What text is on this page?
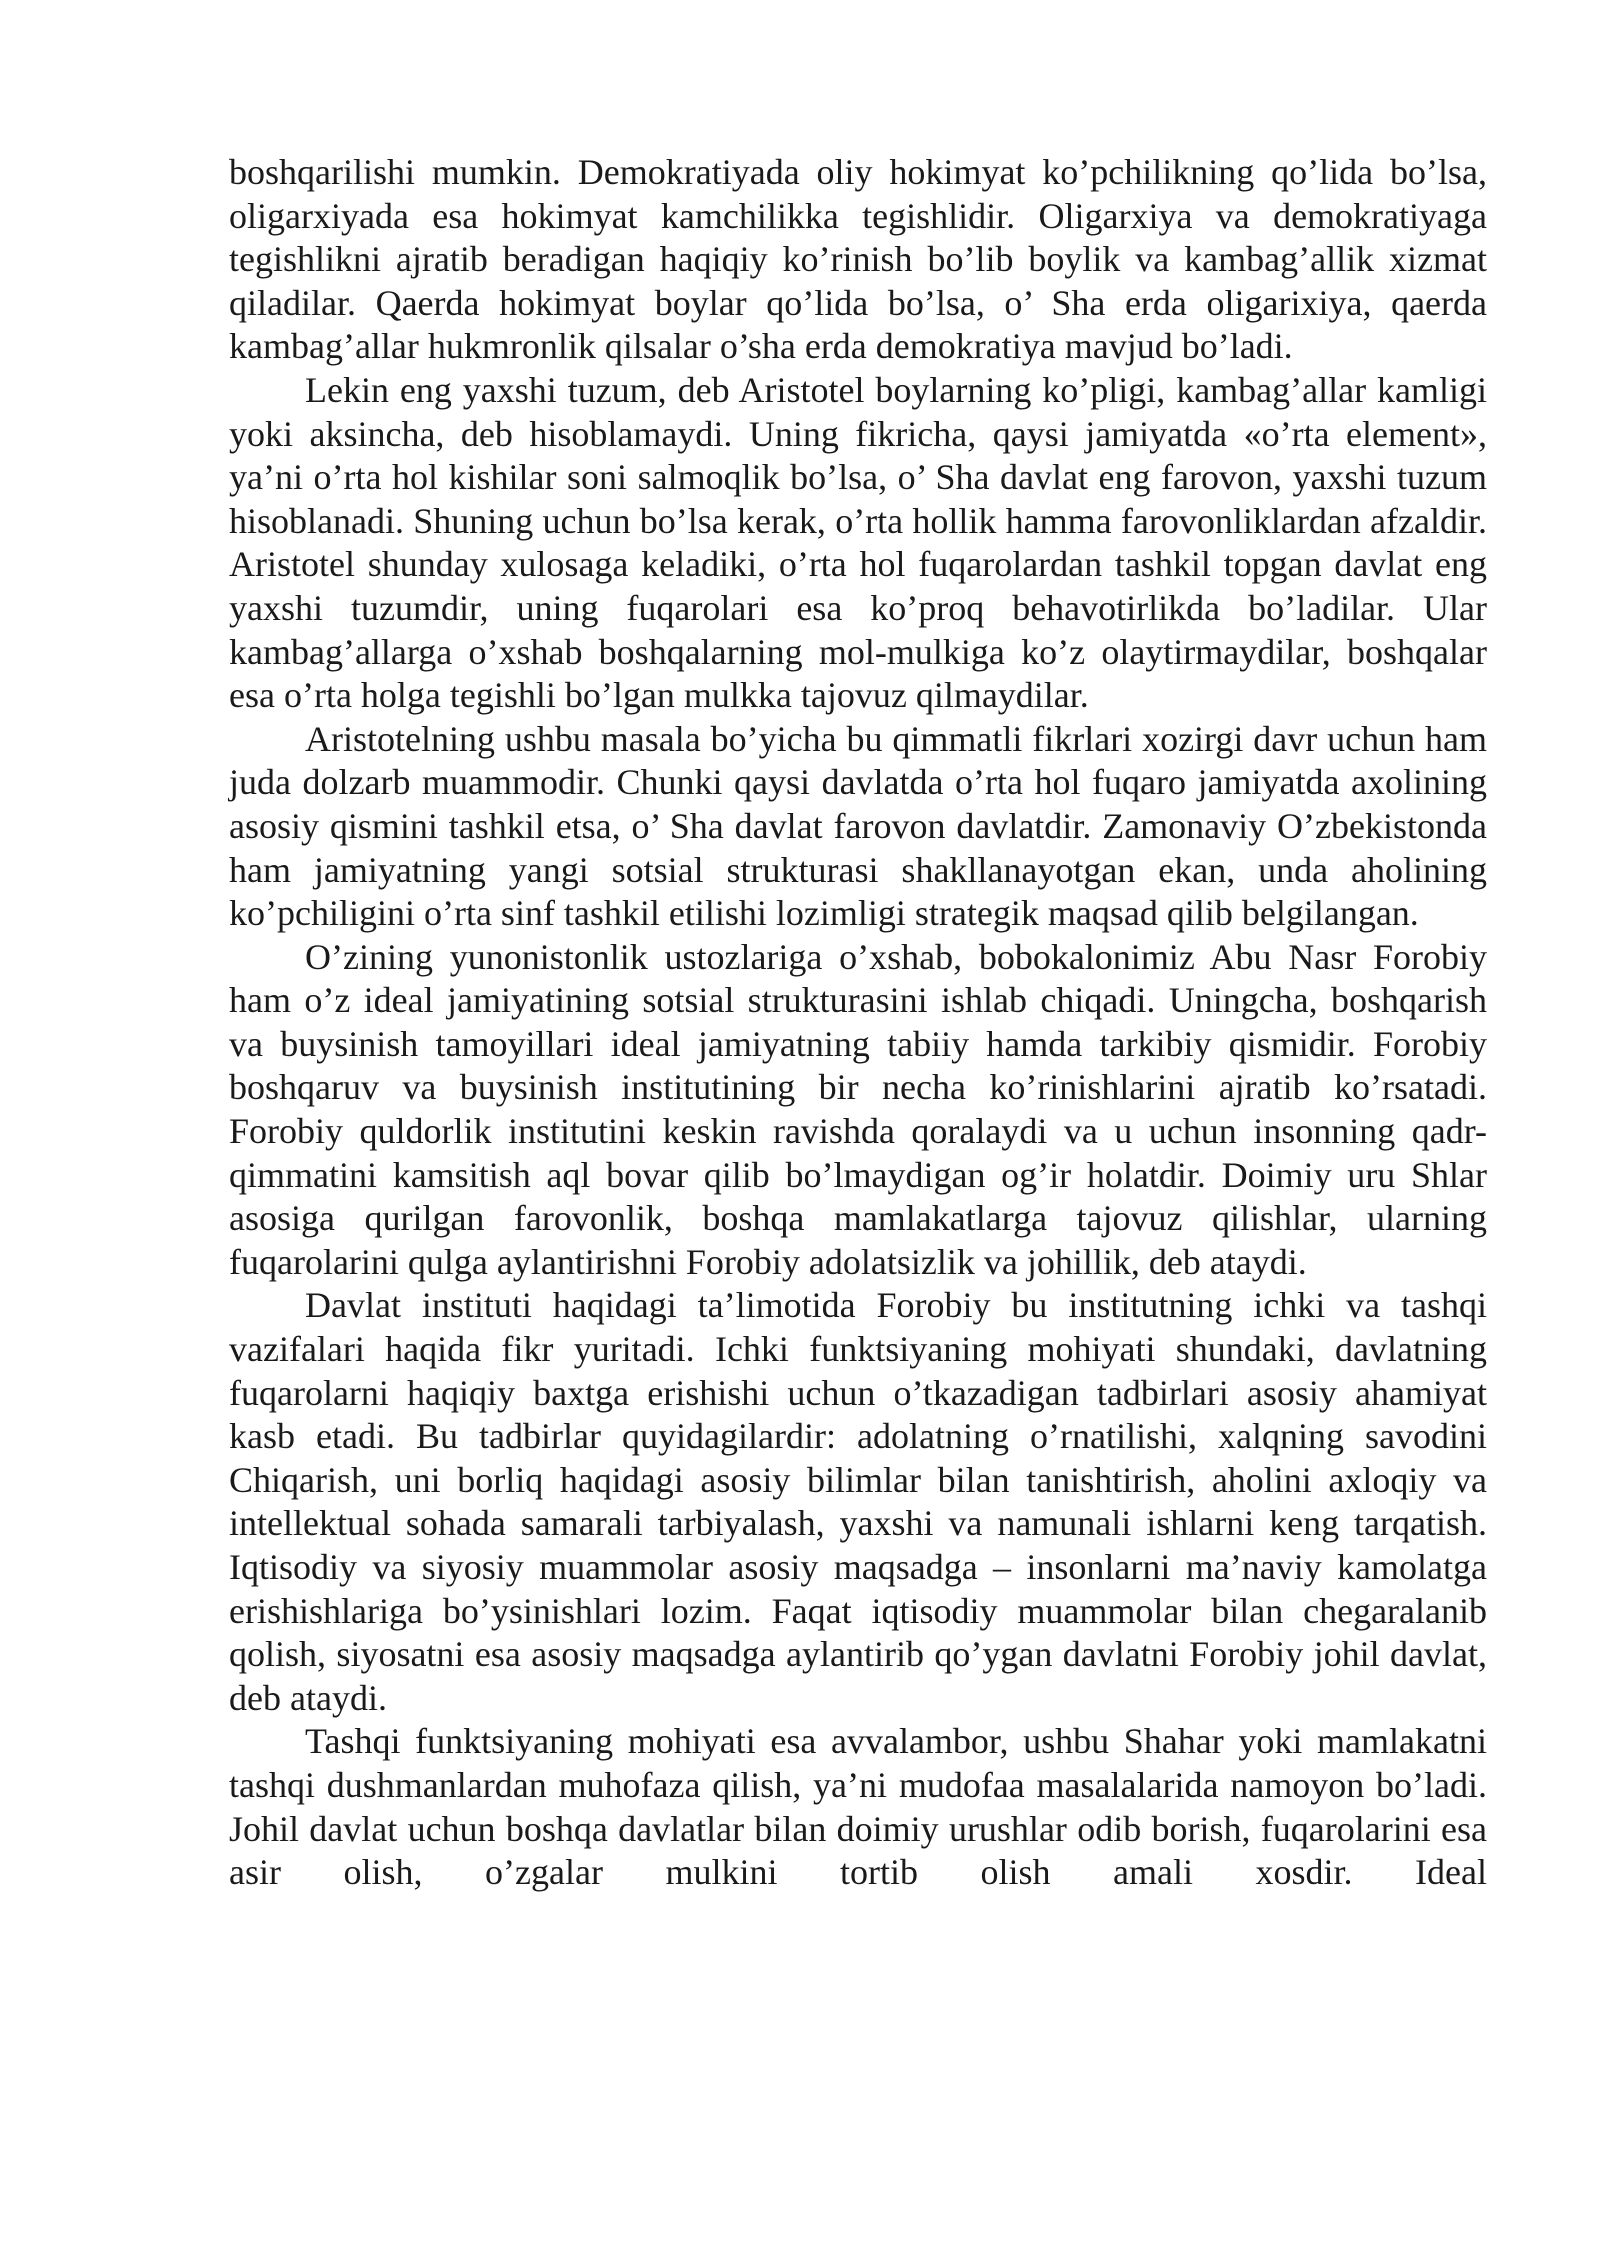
boshqarilishi mumkin. Demokratiyada oliy hokimyat ko’pchilikning qo’lida bo’lsa, oligarxiyada esa hokimyat kamchilikka tegishlidir. Oligarxiya va demokratiyaga tegishlikni ajratib beradigan haqiqiy ko’rinish bo’lib boylik va kambag’allik xizmat qiladilar. Qaerda hokimyat boylar qo’lida bo’lsa, o’ Sha erda oligarixiya, qaerda kambag’allar hukmronlik qilsalar o’sha erda demokratiya mavjud bo’ladi.

Lekin eng yaxshi tuzum, deb Aristotel boylarning ko’pligi, kambag’allar kamligi yoki aksincha, deb hisoblamaydi. Uning fikricha, qaysi jamiyatda «o’rta element», ya’ni o’rta hol kishilar soni salmoqlik bo’lsa, o’ Sha davlat eng farovon, yaxshi tuzum hisoblanadi. Shuning uchun bo’lsa kerak, o’rta hollik hamma farovonliklardan afzaldir. Aristotel shunday xulosaga keladiki, o’rta hol fuqarolardan tashkil topgan davlat eng yaxshi tuzumdir, uning fuqarolari esa ko’proq behavotirlikda bo’ladilar. Ular kambag’allarga o’xshab boshqalarning mol-mulkiga ko’z olaytirmaydilar, boshqalar esa o’rta holga tegishli bo’lgan mulkka tajovuz qilmaydilar.

Aristotelning ushbu masala bo’yicha bu qimmatli fikrlari xozirgi davr uchun ham juda dolzarb muammodir. Chunki qaysi davlatda o’rta hol fuqaro jamiyatda axolining asosiy qismini tashkil etsa, o’ Sha davlat farovon davlatdir. Zamonaviy O’zbekistonda ham jamiyatning yangi sotsial strukturasi shakllanayotgan ekan, unda aholining ko’pchiligini o’rta sinf tashkil etilishi lozimligi strategik maqsad qilib belgilangan.

O’zining yunonistonlik ustozlariga o’xshab, bobokalonimiz Abu Nasr Forobiy ham o’z ideal jamiyatining sotsial strukturasini ishlab chiqadi. Uningcha, boshqarish va buysinish tamoyillari ideal jamiyatning tabiiy hamda tarkibiy qismidir. Forobiy boshqaruv va buysinish institutining bir necha ko’rinishlarini ajratib ko’rsatadi. Forobiy quldorlik institutini keskin ravishda qoralaydi va u uchun insonning qadr-qimmatini kamsitish aql bovar qilib bo’lmaydigan og’ir holatdir. Doimiy uru Shlar asosiga qurilgan farovonlik, boshqa mamlakatlarga tajovuz qilishlar, ularning fuqarolarini qulga aylantirishni Forobiy adolatsizlik va johillik, deb ataydi.

Davlat instituti haqidagi ta’limotida Forobiy bu institutning ichki va tashqi vazifalari haqida fikr yuritadi. Ichki funktsiyaning mohiyati shundaki, davlatning fuqarolarni haqiqiy baxtga erishishi uchun o’tkazadigan tadbirlari asosiy ahamiyat kasb etadi. Bu tadbirlar quyidagilardir: adolatning o’rnatilishi, xalqning savodini Chiqarish, uni borliq haqidagi asosiy bilimlar bilan tanishtirish, aholini axloqiy va intellektual sohada samarali tarbiyalash, yaxshi va namunali ishlarni keng tarqatish. Iqtisodiy va siyosiy muammolar asosiy maqsadga – insonlarni ma’naviy kamolatga erishishlariga bo’ysinishlari lozim. Faqat iqtisodiy muammolar bilan chegaralanib qolish, siyosatni esa asosiy maqsadga aylantirib qo’ygan davlatni Forobiy johil davlat, deb ataydi.

Tashqi funktsiyaning mohiyati esa avvalambor, ushbu Shahar yoki mamlakatni tashqi dushmanlardan muhofaza qilish, ya’ni mudofaa masalalarida namoyon bo’ladi. Johil davlat uchun boshqa davlatlar bilan doimiy urushlar odib borish, fuqarolarini esa asir olish, o’zgalar mulkini tortib olish amali xosdir. Ideal
